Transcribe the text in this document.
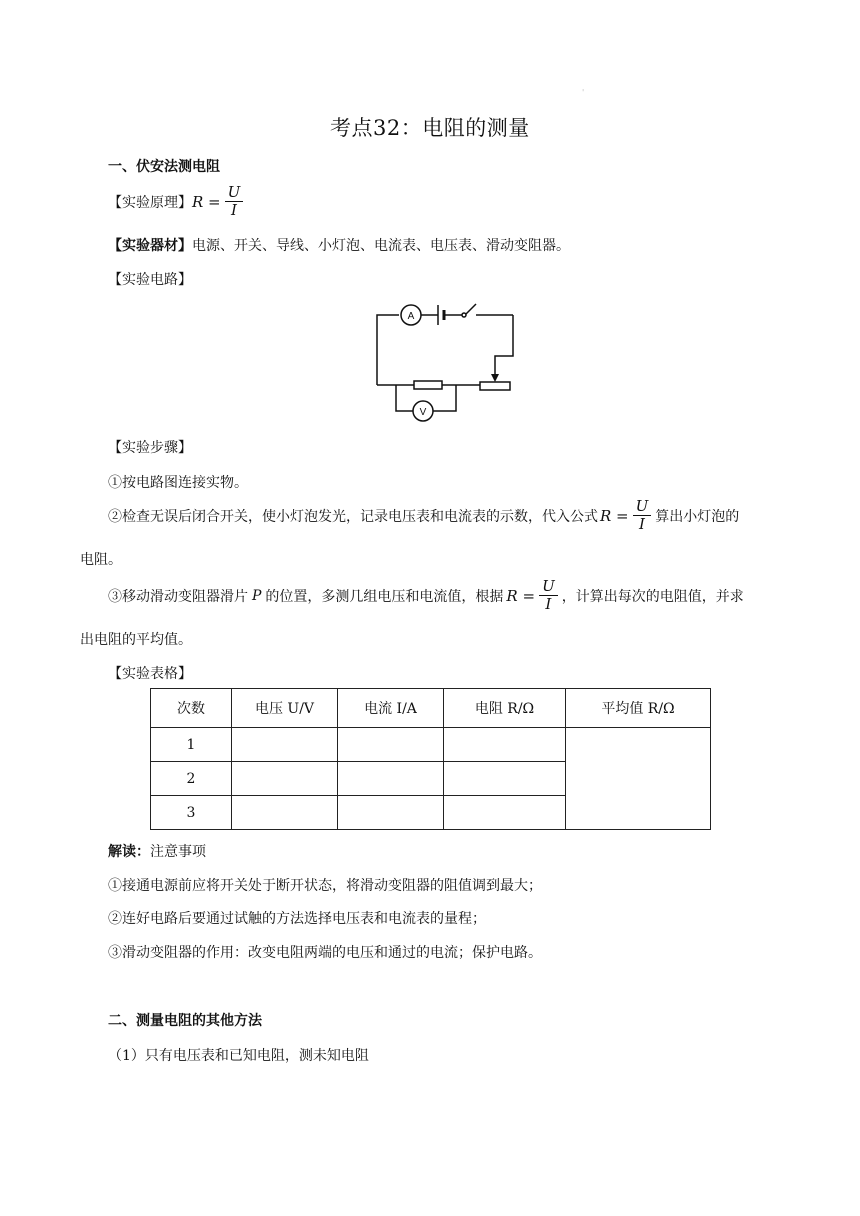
'
考点32：电阻的测量
一、伏安法测电阻
【实验原理】 $R = \frac{U}{I}$
【实验器材】电源、开关、导线、小灯泡、电流表、电压表、滑动变阻器。
【实验电路】
A
V
【实验步骤】
①按电路图连接实物。
②检查无误后闭合开关，使小灯泡发光，记录电压表和电流表的示数，代入公式 $R = \frac{U}{I}$ 算出小灯泡的
电阻。
③移动滑动变阻器滑片 P 的位置，多测几组电压和电流值，根据 $R = \frac{U}{I}$ ，计算出每次的电阻值，并求
出电阻的平均值。
【实验表格】
次数	电压 U/V	电流 I/A	电阻 R/Ω	平均值 R/Ω
1				
2				
3				
解读：注意事项
①接通电源前应将开关处于断开状态，将滑动变阻器的阻值调到最大；
②连好电路后要通过试触的方法选择电压表和电流表的量程；
③滑动变阻器的作用：改变电阻两端的电压和通过的电流；保护电路。
二、测量电阻的其他方法
（1）只有电压表和已知电阻，测未知电阻
